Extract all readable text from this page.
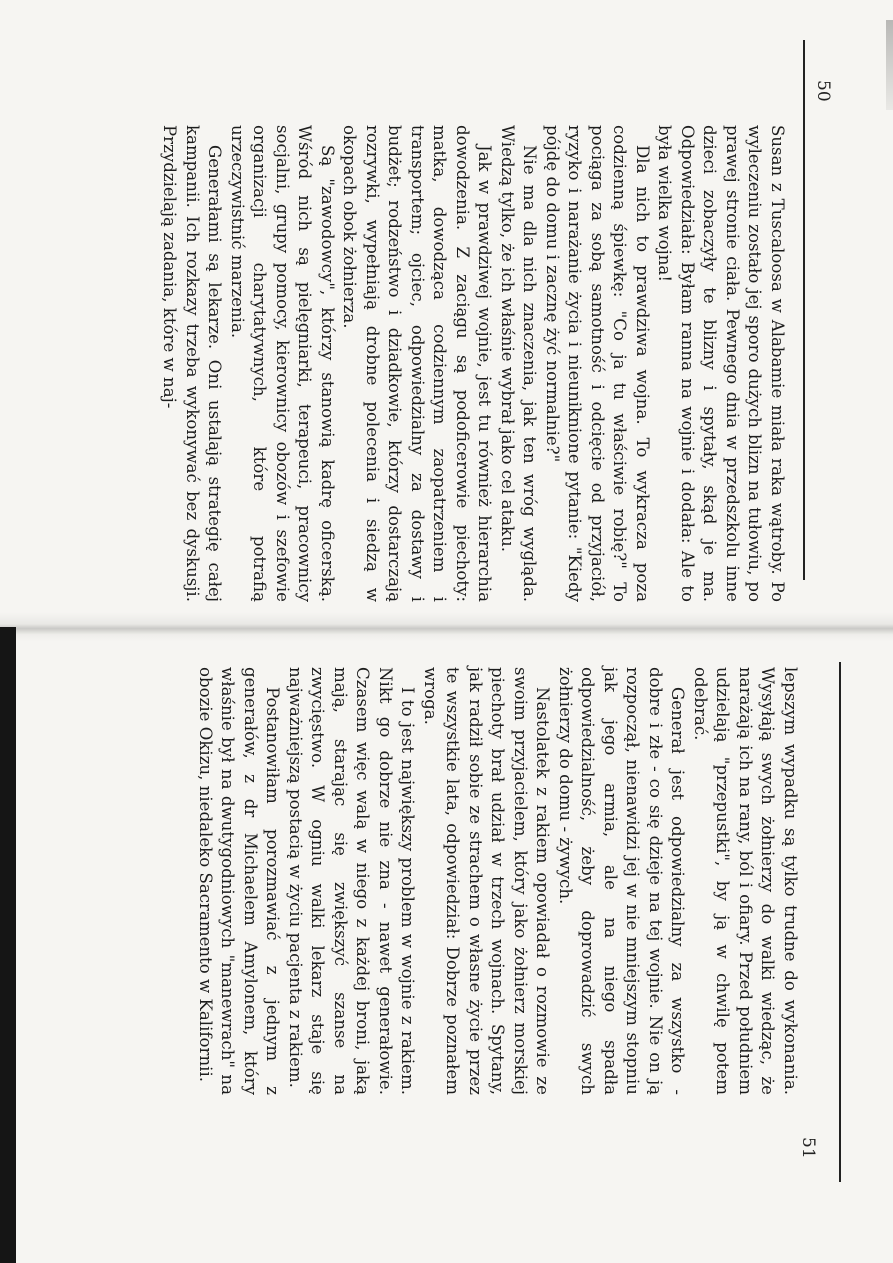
50

Susan z Tuscaloosa w Alabamie miała raka wątroby. Po wyleczeniu zostało jej sporo dużych blizn na tułowiu, po prawej stronie ciała. Pewnego dnia w przedszkolu inne dzieci zobaczyły te blizny i spytały, skąd je ma. Odpowiedziała: Byłam ranna na wojnie i dodała: Ale to była wielka wojna!

Dla nich to prawdziwa wojna. To wykracza poza codzienną śpiewkę: "Co ja tu właściwie robię?" To pociąga za sobą samotność i odcięcie od przyjaciół, ryzyko i narażanie życia i nieuniknione pytanie: "Kiedy pójdę do domu i zacznę żyć normalnie?"

Nie ma dla nich znaczenia, jak ten wróg wygląda. Wiedzą tylko, że ich właśnie wybrał jako cel ataku.

Jak w prawdziwej wojnie, jest tu również hierarchia dowodzenia. Z zaciągu są podoficerowie piechoty: matka, dowodząca codziennym zaopatrzeniem i transportem; ojciec, odpowiedzialny za dostawy i budżet; rodzeństwo i dziadkowie, którzy dostarczają rozrywki, wypełniają drobne polecenia i siedzą w okopach obok żołnierza.

Są "zawodowcy", którzy stanowią kadrę oficerską. Wśród nich są pielęgniarki, terapeuci, pracownicy socjalni, grupy pomocy, kierownicy obozów i szefowie organizacji charytatywnych, które potrafią urzeczywistnić marzenia.

Generałami są lekarze. Oni ustalają strategię całej kampanii. Ich rozkazy trzeba wykonywać bez dyskusji. Przydzielają zadania, które w naj-

51

lepszym wypadku są tylko trudne do wykonania. Wysyłają swych żołnierzy do walki wiedząc, że narażają ich na rany, ból i ofiary. Przed południem udzielają "przepustki", by ją w chwilę potem odebrać.

Generał jest odpowiedzialny za wszystko - dobre i złe - co się dzieje na tej wojnie. Nie on ją rozpoczął, nienawidzi jej w nie mniejszym stopniu jak jego armia, ale na niego spadła odpowiedzialność, żeby doprowadzić swych żołnierzy do domu - żywych.

Nastolatek z rakiem opowiadał o rozmowie ze swoim przyjacielem, który jako żołnierz morskiej piechoty brał udział w trzech wojnach. Spytany, jak radził sobie ze strachem o własne życie przez te wszystkie lata, odpowiedział: Dobrze poznałem wroga.

I to jest największy problem w wojnie z rakiem. Nikt go dobrze nie zna - nawet generałowie. Czasem więc walą w niego z każdej broni, jaką mają, starając się zwiększyć szanse na zwycięstwo. W ogniu walki lekarz staje się najważniejszą postacią w życiu pacjenta z rakiem.

Postanowiłam porozmawiać z jednym z generałów, z dr Michaelem Amylonem, który właśnie był na dwutygodniowych "manewrach" na obozie Okizu, niedaleko Sacramento w Kalifornii.
